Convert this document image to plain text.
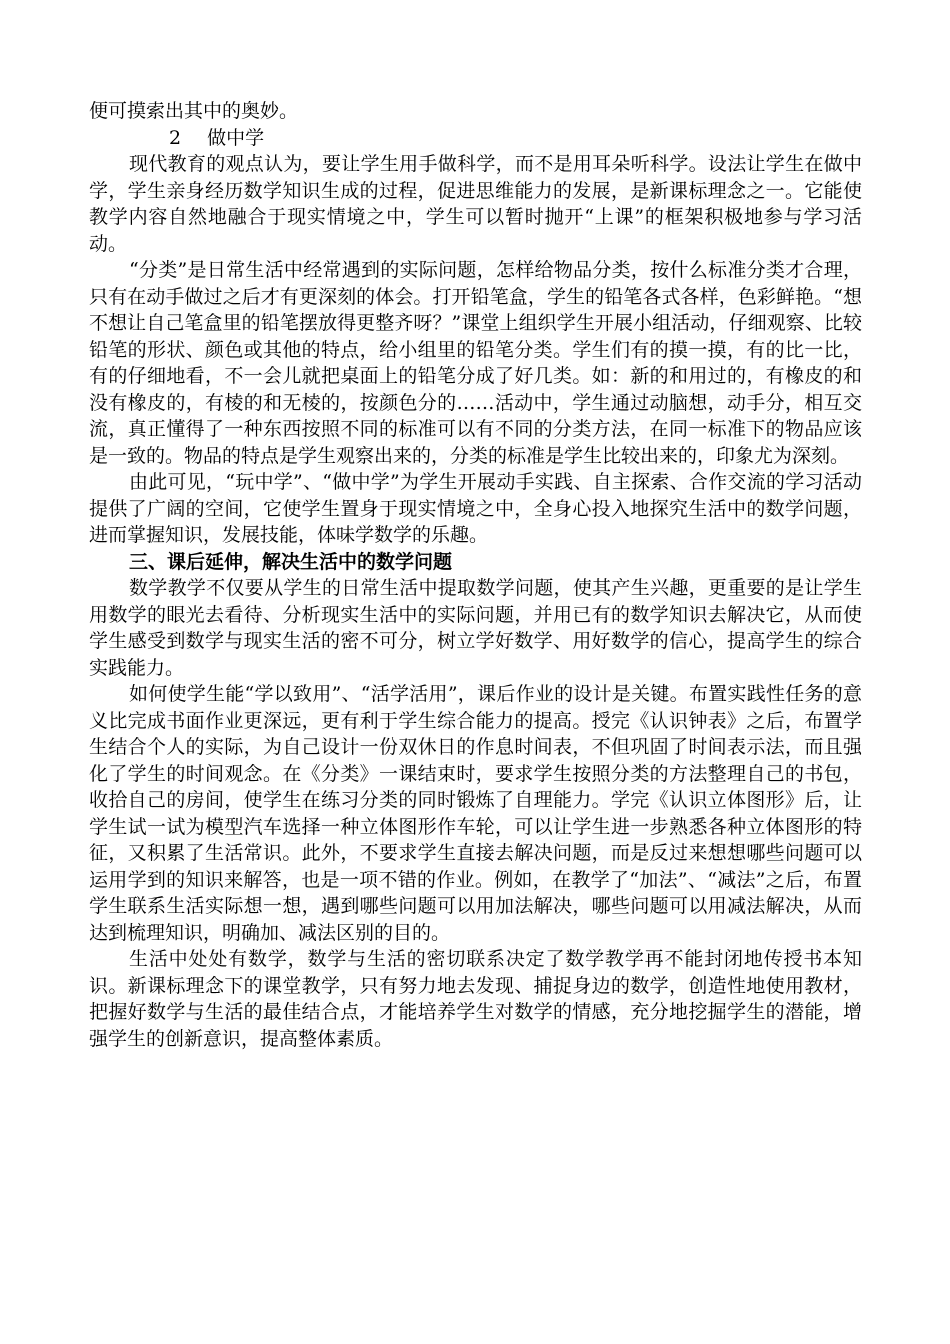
便可摸索出其中的奥妙。

2 做中学

现代教育的观点认为，要让学生用手做科学，而不是用耳朵听科学。设法让学生在做中学，学生亲身经历数学知识生成的过程，促进思维能力的发展，是新课标理念之一。它能使教学内容自然地融合于现实情境之中，学生可以暂时抛开“上课”的框架积极地参与学习活动。

“分类”是日常生活中经常遇到的实际问题，怎样给物品分类，按什么标准分类才合理，只有在动手做过之后才有更深刻的体会。打开铅笔盒，学生的铅笔各式各样，色彩鲜艳。“想不想让自己笔盒里的铅笔摆放得更整齐呀？”课堂上组织学生开展小组活动，仔细观察、比较铅笔的形状、颜色或其他的特点，给小组里的铅笔分类。学生们有的摸一摸，有的比一比，有的仔细地看，不一会儿就把桌面上的铅笔分成了好几类。如：新的和用过的，有橡皮的和没有橡皮的，有棱的和无棱的，按颜色分的……活动中，学生通过动脑想，动手分，相互交流，真正懂得了一种东西按照不同的标准可以有不同的分类方法，在同一标准下的物品应该是一致的。物品的特点是学生观察出来的，分类的标准是学生比较出来的，印象尤为深刻。

由此可见，“玩中学”、“做中学”为学生开展动手实践、自主探索、合作交流的学习活动提供了广阔的空间，它使学生置身于现实情境之中，全身心投入地探究生活中的数学问题，进而掌握知识，发展技能，体味学数学的乐趣。

三、课后延伸，解决生活中的数学问题

数学教学不仅要从学生的日常生活中提取数学问题，使其产生兴趣，更重要的是让学生用数学的眼光去看待、分析现实生活中的实际问题，并用已有的数学知识去解决它，从而使学生感受到数学与现实生活的密不可分，树立学好数学、用好数学的信心，提高学生的综合实践能力。

如何使学生能“学以致用”、“活学活用”，课后作业的设计是关键。布置实践性任务的意义比完成书面作业更深远，更有利于学生综合能力的提高。授完《认识钟表》之后，布置学生结合个人的实际，为自己设计一份双休日的作息时间表，不但巩固了时间表示法，而且强化了学生的时间观念。在《分类》一课结束时，要求学生按照分类的方法整理自己的书包，收拾自己的房间，使学生在练习分类的同时锻炼了自理能力。学完《认识立体图形》后，让学生试一试为模型汽车选择一种立体图形作车轮，可以让学生进一步熟悉各种立体图形的特征，又积累了生活常识。此外，不要求学生直接去解决问题，而是反过来想想哪些问题可以运用学到的知识来解答，也是一项不错的作业。例如，在教学了“加法”、“减法”之后，布置学生联系生活实际想一想，遇到哪些问题可以用加法解决，哪些问题可以用减法解决，从而达到梳理知识，明确加、减法区别的目的。

生活中处处有数学，数学与生活的密切联系决定了数学教学再不能封闭地传授书本知识。新课标理念下的课堂教学，只有努力地去发现、捕捉身边的数学，创造性地使用教材，把握好数学与生活的最佳结合点，才能培养学生对数学的情感，充分地挖掘学生的潜能，增强学生的创新意识，提高整体素质。
